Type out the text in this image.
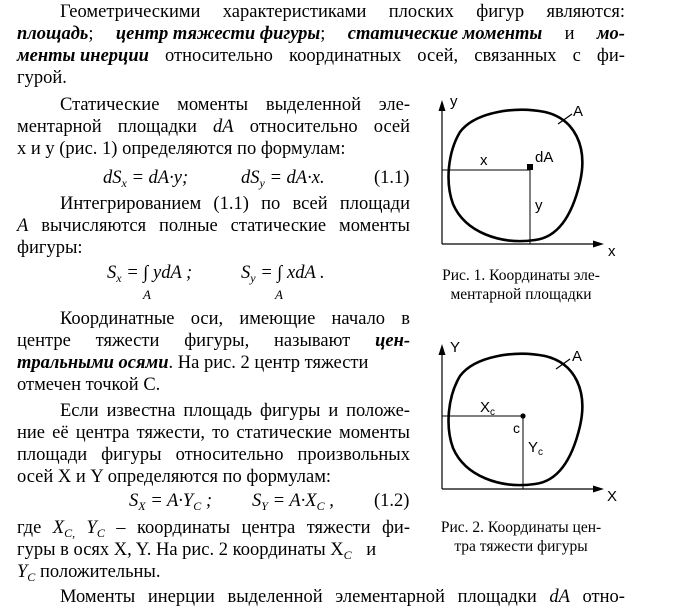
Геометрическими характеристиками плоских фигур являются:
площадь; центр тяжести фигуры; статические моменты и мо-
менты инерции относительно координатных осей, связанных с фи-
гурой.
Статические моменты выделенной эле-
ментарной площадки dA относительно осей
x и y (рис. 1) определяются по формулам:
$dS_x = dA\cdot y$;	$dS_y = dA\cdot x$.	(1.1)
Интегрированием (1.1) по всей площади
A вычисляются полные статические моменты
фигуры:
$S_x$ = ∫ ydA ;	$S_y$ = ∫ xdA .
A	A
Координатные оси, имеющие начало в
центре тяжести фигуры, называют цен-
тральными осями. На рис. 2 центр тяжести
отмечен точкой C.
Если известна площадь фигуры и положе-
ние её центра тяжести, то статические моменты
площади фигуры относительно произвольных
осей X и Y определяются по формулам:
$S_X = A\cdot Y_C$ ; $S_Y = A\cdot X_C$ , (1.2)
где $X_{C,}$ $Y_C$ – координаты центра тяжести фи-
гуры в осях X, Y. На рис. 2 координаты $X_C$ и
$Y_C$ положительны.
Моменты инерции выделенной элементарной площадки dA отно-
y
x
A
dA
x
y
Рис. 1. Координаты эле-
ментарной площадки
Y
X
A
$X_c$
c
$Y_c$
Рис. 2. Координаты цен-
тра тяжести фигуры
